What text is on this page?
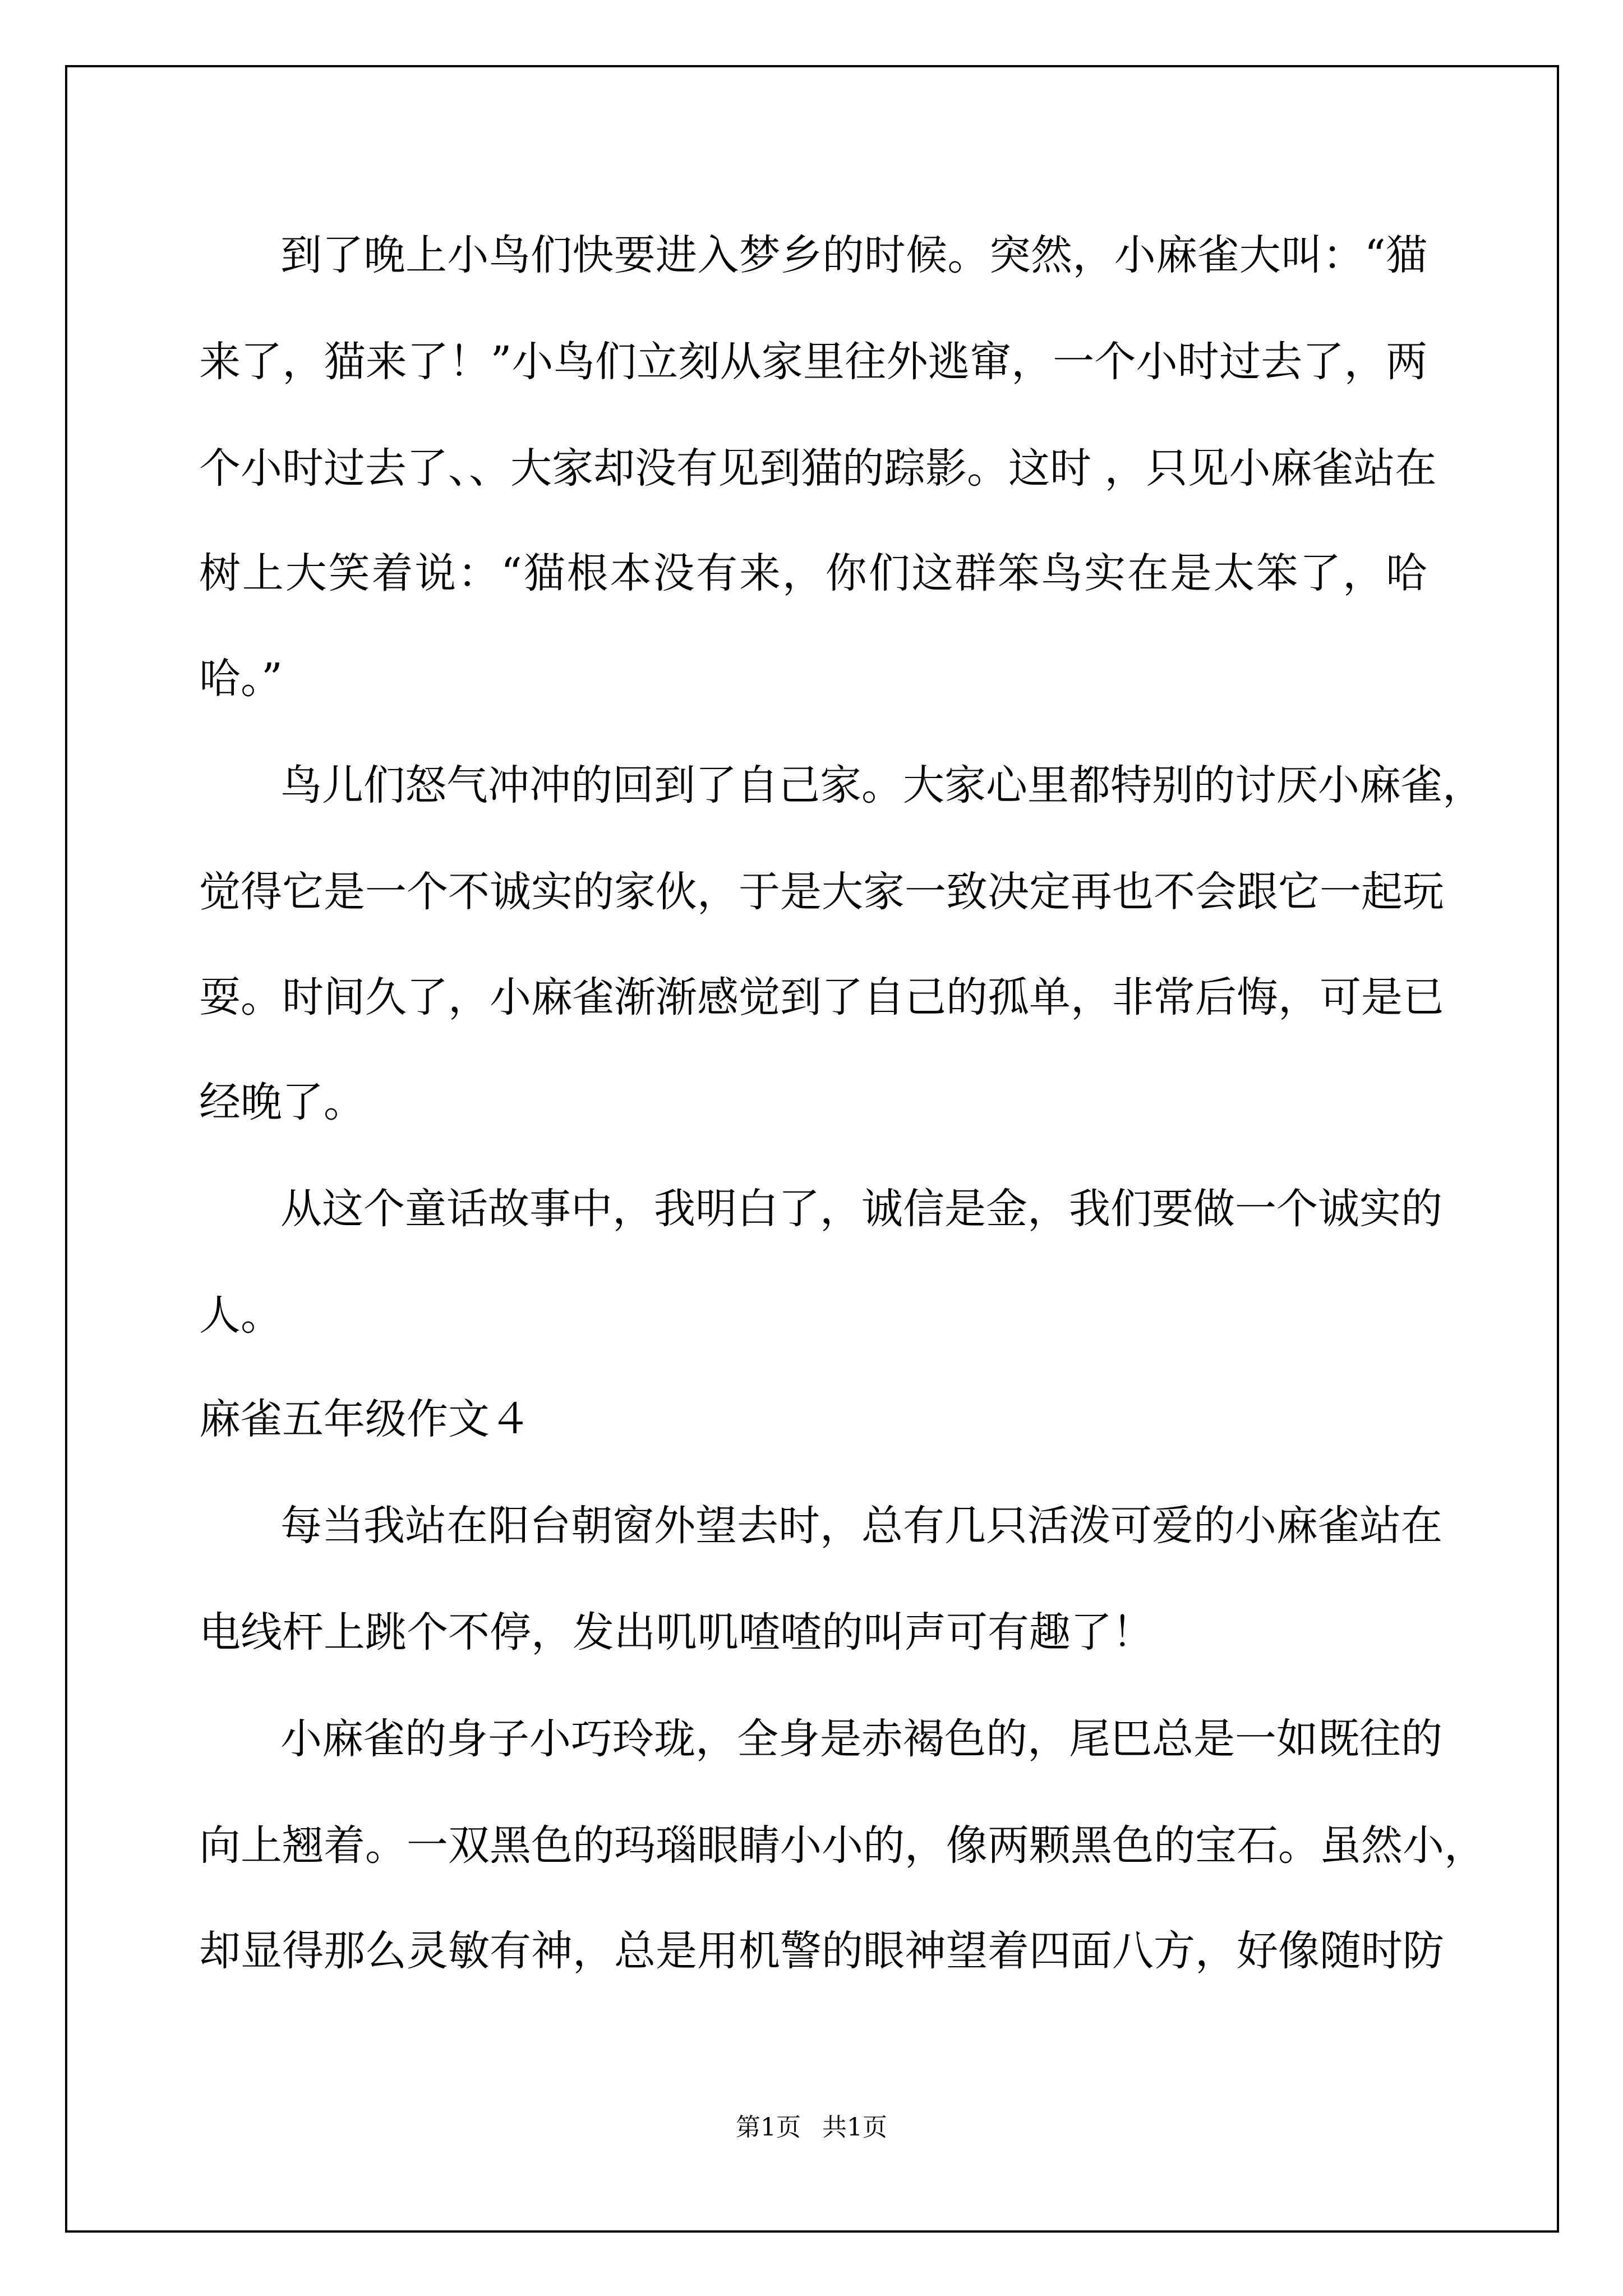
到了晚上小鸟们快要进入梦乡的时候。突然，小麻雀大叫：“猫
来了，猫来了！”小鸟们立刻从家里往外逃窜，一个小时过去了，两
个小时过去了、、大家却没有见到猫的踪影。这时 ，只见小麻雀站在
树上大笑着说：“猫根本没有来，你们这群笨鸟实在是太笨了，哈
哈。”
鸟儿们怒气冲冲的回到了自己家。大家心里都特别的讨厌小麻雀，
觉得它是一个不诚实的家伙，于是大家一致决定再也不会跟它一起玩
耍。时间久了，小麻雀渐渐感觉到了自己的孤单，非常后悔，可是已
经晚了。
从这个童话故事中，我明白了，诚信是金，我们要做一个诚实的
人。
麻雀五年级作文４
每当我站在阳台朝窗外望去时，总有几只活泼可爱的小麻雀站在
电线杆上跳个不停，发出叽叽喳喳的叫声可有趣了！
小麻雀的身子小巧玲珑，全身是赤褐色的，尾巴总是一如既往的
向上翘着。一双黑色的玛瑙眼睛小小的，像两颗黑色的宝石。虽然小，
却显得那么灵敏有神，总是用机警的眼神望着四面八方，好像随时防
第1页 共1页
